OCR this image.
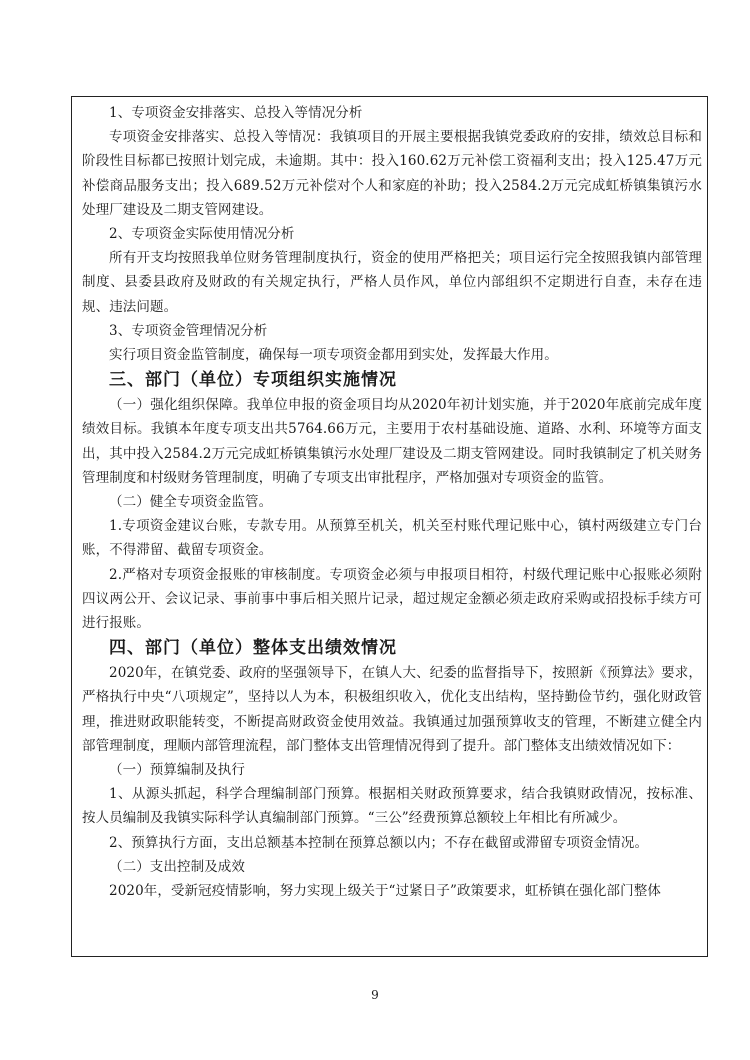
1、专项资金安排落实、总投入等情况分析

专项资金安排落实、总投入等情况：我镇项目的开展主要根据我镇党委政府的安排，绩效总目标和阶段性目标都已按照计划完成，未逾期。其中：投入160.62万元补偿工资福利支出；投入125.47万元补偿商品服务支出；投入689.52万元补偿对个人和家庭的补助；投入2584.2万元完成虹桥镇集镇污水处理厂建设及二期支管网建设。

2、专项资金实际使用情况分析

所有开支均按照我单位财务管理制度执行，资金的使用严格把关；项目运行完全按照我镇内部管理制度、县委县政府及财政的有关规定执行，严格人员作风，单位内部组织不定期进行自查，未存在违规、违法问题。

3、专项资金管理情况分析

实行项目资金监管制度，确保每一项专项资金都用到实处，发挥最大作用。

三、部门（单位）专项组织实施情况

（一）强化组织保障。我单位申报的资金项目均从2020年初计划实施，并于2020年底前完成年度绩效目标。我镇本年度专项支出共5764.66万元，主要用于农村基础设施、道路、水利、环境等方面支出，其中投入2584.2万元完成虹桥镇集镇污水处理厂建设及二期支管网建设。同时我镇制定了机关财务管理制度和村级财务管理制度，明确了专项支出审批程序，严格加强对专项资金的监管。

（二）健全专项资金监管。

1.专项资金建议台账，专款专用。从预算至机关，机关至村账代理记账中心，镇村两级建立专门台账，不得滞留、截留专项资金。

2.严格对专项资金报账的审核制度。专项资金必须与申报项目相符，村级代理记账中心报账必须附四议两公开、会议记录、事前事中事后相关照片记录，超过规定金额必须走政府采购或招投标手续方可进行报账。

四、部门（单位）整体支出绩效情况

2020年，在镇党委、政府的坚强领导下，在镇人大、纪委的监督指导下，按照新《预算法》要求，严格执行中央“八项规定”，坚持以人为本，积极组织收入，优化支出结构，坚持勤俭节约，强化财政管理，推进财政职能转变，不断提高财政资金使用效益。我镇通过加强预算收支的管理，不断建立健全内部管理制度，理顺内部管理流程，部门整体支出管理情况得到了提升。部门整体支出绩效情况如下：

（一）预算编制及执行

1、从源头抓起，科学合理编制部门预算。根据相关财政预算要求，结合我镇财政情况，按标准、按人员编制及我镇实际科学认真编制部门预算。“三公”经费预算总额较上年相比有所减少。

2、预算执行方面，支出总额基本控制在预算总额以内；不存在截留或滞留专项资金情况。

（二）支出控制及成效

2020年，受新冠疫情影响，努力实现上级关于“过紧日子”政策要求，虹桥镇在强化部门整体

9
